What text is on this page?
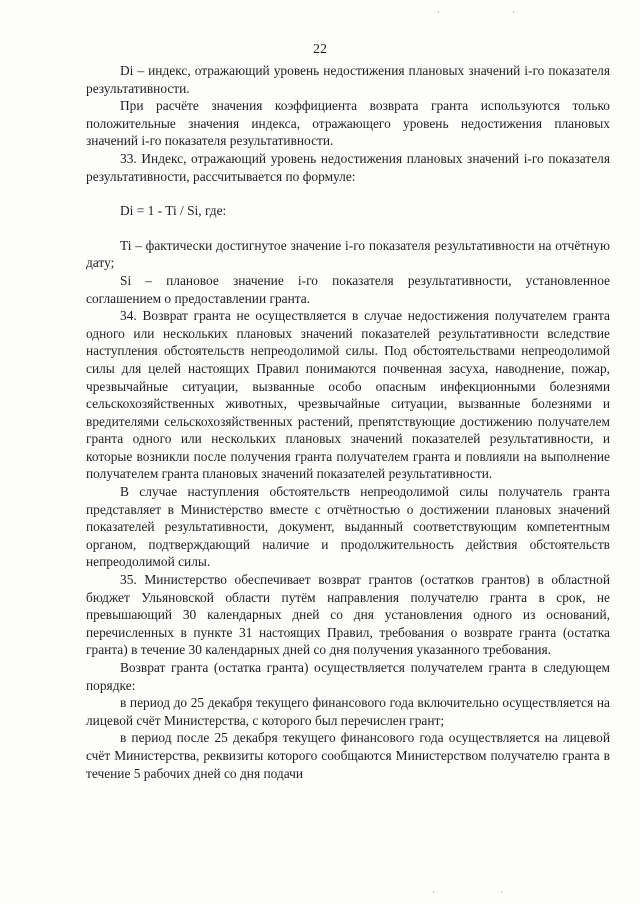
22

Di – индекс, отражающий уровень недостижения плановых значений i-го показателя результативности.

При расчёте значения коэффициента возврата гранта используются только положительные значения индекса, отражающего уровень недостижения плановых значений i-го показателя результативности.

33. Индекс, отражающий уровень недостижения плановых значений i-го показателя результативности, рассчитывается по формуле:

Di = 1 - Ti / Si, где:

Ti – фактически достигнутое значение i-го показателя результативности на отчётную дату;

Si – плановое значение i-го показателя результативности, установленное соглашением о предоставлении гранта.

34. Возврат гранта не осуществляется в случае недостижения получателем гранта одного или нескольких плановых значений показателей результативности вследствие наступления обстоятельств непреодолимой силы. Под обстоятельствами непреодолимой силы для целей настоящих Правил понимаются почвенная засуха, наводнение, пожар, чрезвычайные ситуации, вызванные особо опасным инфекционными болезнями сельскохозяйственных животных, чрезвычайные ситуации, вызванные болезнями и вредителями сельскохозяйственных растений, препятствующие достижению получателем гранта одного или нескольких плановых значений показателей результативности, и которые возникли после получения гранта получателем гранта и повлияли на выполнение получателем гранта плановых значений показателей результативности.

В случае наступления обстоятельств непреодолимой силы получатель гранта представляет в Министерство вместе с отчётностью о достижении плановых значений показателей результативности, документ, выданный соответствующим компетентным органом, подтверждающий наличие и продолжительность действия обстоятельств непреодолимой силы.

35. Министерство обеспечивает возврат грантов (остатков грантов) в областной бюджет Ульяновской области путём направления получателю гранта в срок, не превышающий 30 календарных дней со дня установления одного из оснований, перечисленных в пункте 31 настоящих Правил, требования о возврате гранта (остатка гранта) в течение 30 календарных дней со дня получения указанного требования.

Возврат гранта (остатка гранта) осуществляется получателем гранта в следующем порядке:

в период до 25 декабря текущего финансового года включительно осуществляется на лицевой счёт Министерства, с которого был перечислен грант;

в период после 25 декабря текущего финансового года осуществляется на лицевой счёт Министерства, реквизиты которого сообщаются Министерством получателю гранта в течение 5 рабочих дней со дня подачи

·	·
·	·
